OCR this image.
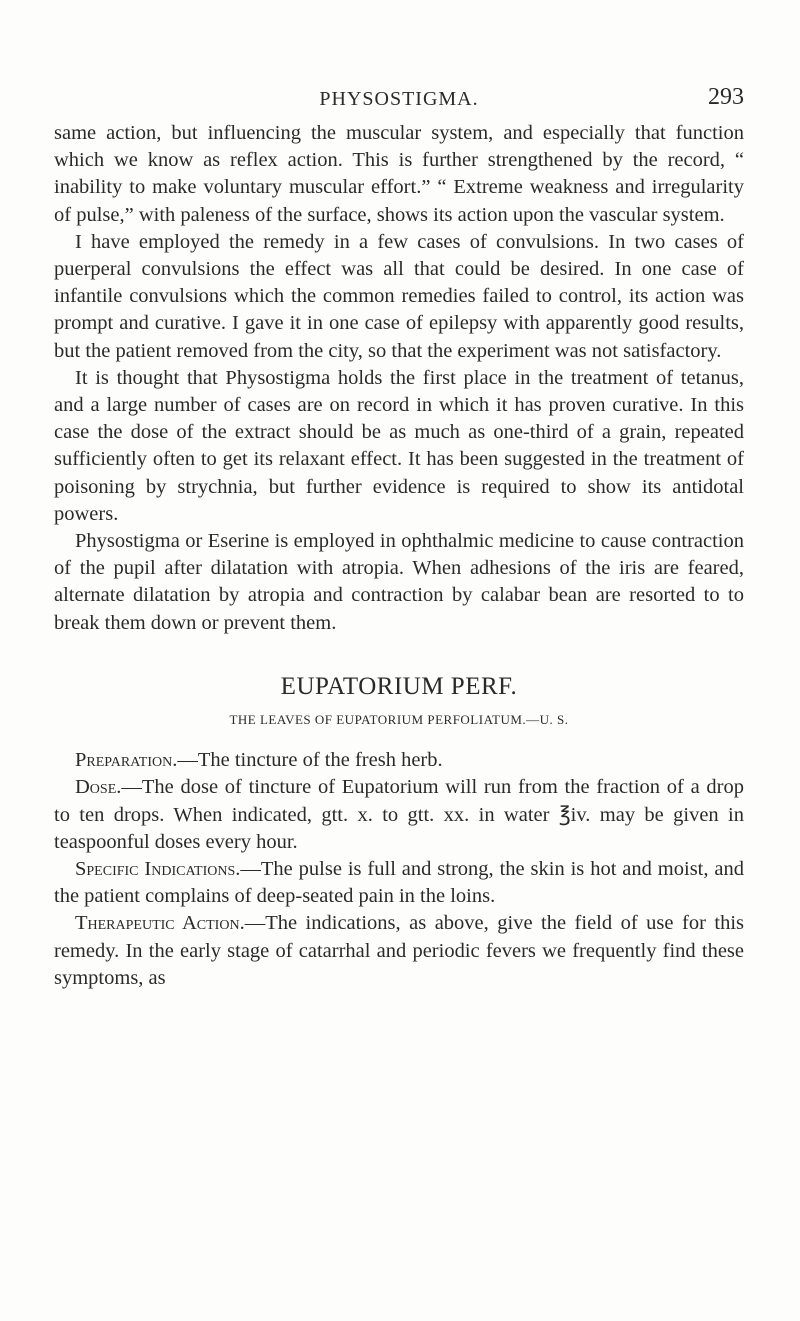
PHYSOSTIGMA.	293

same action, but influencing the muscular system, and especially that function which we know as reflex action. This is further strengthened by the record, “ inability to make voluntary muscular effort.” “ Extreme weakness and irregularity of pulse,” with paleness of the surface, shows its action upon the vascular system.

I have employed the remedy in a few cases of convulsions. In two cases of puerperal convulsions the effect was all that could be desired. In one case of infantile convulsions which the common remedies failed to control, its action was prompt and curative. I gave it in one case of epilepsy with apparently good results, but the patient removed from the city, so that the experiment was not satisfactory.

It is thought that Physostigma holds the first place in the treatment of tetanus, and a large number of cases are on record in which it has proven curative. In this case the dose of the extract should be as much as one-third of a grain, repeated sufficiently often to get its relaxant effect. It has been suggested in the treatment of poisoning by strychnia, but further evidence is required to show its antidotal powers.

Physostigma or Eserine is employed in ophthalmic medicine to cause contraction of the pupil after dilatation with atropia. When adhesions of the iris are feared, alternate dilatation by atropia and contraction by calabar bean are resorted to to break them down or prevent them.

EUPATORIUM PERF.
THE LEAVES OF EUPATORIUM PERFOLIATUM.—U. S.

Preparation.—The tincture of the fresh herb.

Dose.—The dose of tincture of Eupatorium will run from the fraction of a drop to ten drops. When indicated, gtt. x. to gtt. xx. in water ℥iv. may be given in teaspoonful doses every hour.

Specific Indications.—The pulse is full and strong, the skin is hot and moist, and the patient complains of deep-seated pain in the loins.

Therapeutic Action.—The indications, as above, give the field of use for this remedy. In the early stage of catarrhal and periodic fevers we frequently find these symptoms, as
